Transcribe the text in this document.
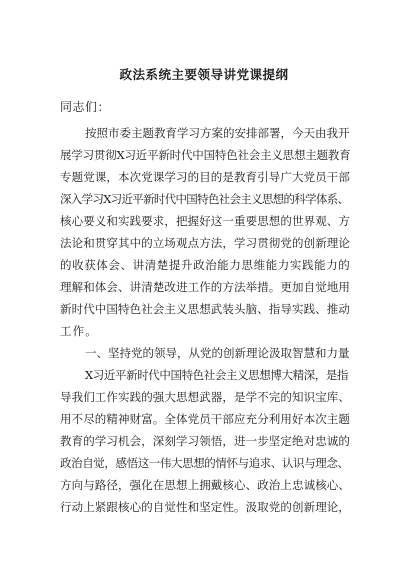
政法系统主要领导讲党课提纲
同志们：
按照市委主题教育学习方案的安排部署，今天由我开
展学习贯彻X习近平新时代中国特色社会主义思想主题教育
专题党课，本次党课学习的目的是教育引导广大党员干部
深入学习X习近平新时代中国特色社会主义思想的科学体系、
核心要义和实践要求，把握好这一重要思想的世界观、方
法论和贯穿其中的立场观点方法，学习贯彻党的创新理论
的收获体会、讲清楚提升政治能力思维能力实践能力的
理解和体会、讲清楚改进工作的方法举措。更加自觉地用
新时代中国特色社会主义思想武装头脑、指导实践、推动
工作。
一、坚持党的领导，从党的创新理论汲取智慧和力量
X习近平新时代中国特色社会主义思想博大精深，是指
导我们工作实践的强大思想武器，是学不完的知识宝库、
用不尽的精神财富。全体党员干部应充分利用好本次主题
教育的学习机会，深刻学习领悟，进一步坚定绝对忠诚的
政治自觉，感悟这一伟大思想的情怀与追求、认识与理念、
方向与路径，强化在思想上拥戴核心、政治上忠诚核心、
行动上紧跟核心的自觉性和坚定性。汲取党的创新理论，
